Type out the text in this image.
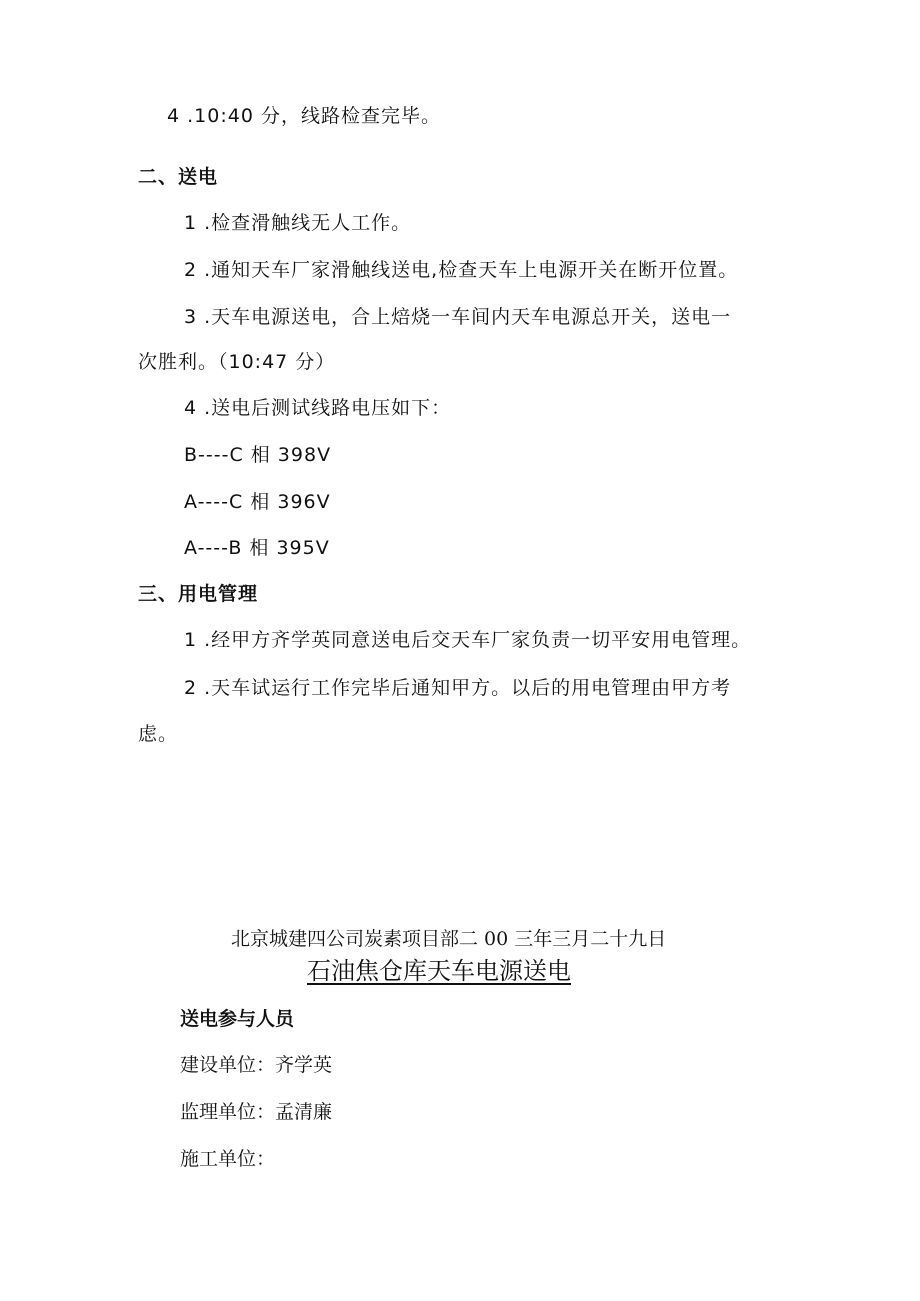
4 .10:40 分，线路检查完毕。
二、送电
1 .检查滑触线无人工作。
2 .通知天车厂家滑触线送电,检查天车上电源开关在断开位置。
3 .天车电源送电，合上焙烧一车间内天车电源总开关，送电一
次胜利。（10:47 分）
4 .送电后测试线路电压如下：
B----C 相 398V
A----C 相 396V
A----B 相 395V
三、用电管理
1 .经甲方齐学英同意送电后交天车厂家负责一切平安用电管理。
2 .天车试运行工作完毕后通知甲方。以后的用电管理由甲方考
虑。
北京城建四公司炭素项目部二 00 三年三月二十九日
石油焦仓库天车电源送电
送电参与人员
建设单位：齐学英
监理单位：孟清廉
施工单位：
